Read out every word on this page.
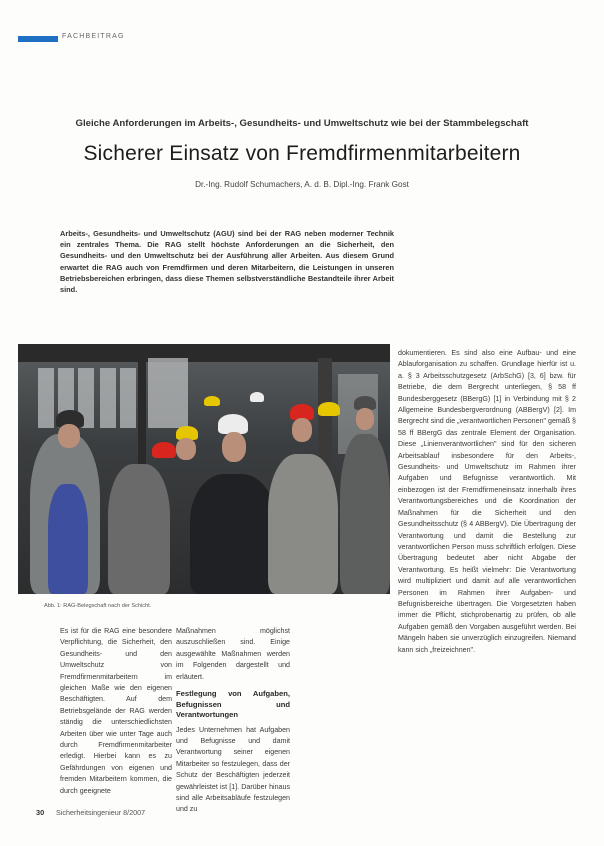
FACHBEITRAG
Gleiche Anforderungen im Arbeits-, Gesundheits- und Umweltschutz wie bei der Stammbelegschaft
Sicherer Einsatz von Fremdfirmenmitarbeitern
Dr.-Ing. Rudolf Schumachers, A. d. B. Dipl.-Ing. Frank Gost
Arbeits-, Gesundheits- und Umweltschutz (AGU) sind bei der RAG neben moderner Technik ein zentrales Thema. Die RAG stellt höchste Anforderungen an die Sicherheit, den Gesundheits- und den Umweltschutz bei der Ausführung aller Arbeiten. Aus diesem Grund erwartet die RAG auch von Fremdfirmen und deren Mitarbeitern, die Leistungen in unseren Betriebsbereichen erbringen, dass diese Themen selbstverständliche Bestandteile ihrer Arbeit sind.
Abb. 1: RAG-Belegschaft nach der Schicht.

Es ist für die RAG eine besondere Verpflichtung, die Sicherheit, den Gesundheits- und den Umweltschutz von Fremdfirmenmitarbeitern im gleichen Maße wie den eigenen Beschäftigten. Auf dem Betriebsgelände der RAG werden ständig die unterschiedlichsten Arbeiten über wie unter Tage auch durch Fremdfirmenmitarbeiter erledigt. Hierbei kann es zu Gefährdungen von eigenen und fremden Mitarbeitern kommen, die durch geeignete

Maßnahmen möglichst auszuschließen sind. Einige ausgewählte Maßnahmen werden im Folgenden dargestellt und erläutert.

Festlegung von Aufgaben, Befugnissen und Verantwortungen

Jedes Unternehmen hat Aufgaben und Befugnisse und damit Verantwortung seiner eigenen Mitarbeiter so festzulegen, dass der Schutz der Beschäftigten jederzeit gewährleistet ist [1]. Darüber hinaus sind alle Arbeitsabläufe festzulegen und zu

dokumentieren. Es sind also eine Aufbau- und eine Ablauforganisation zu schaffen. Grundlage hierfür ist u. a. § 3 Arbeitsschutzgesetz (ArbSchG) [3, 6] bzw. für Betriebe, die dem Bergrecht unterliegen, § 58 ff Bundesberggesetz (BBergG) [1] in Verbindung mit § 2 Allgemeine Bundesbergverordnung (ABBergV) [2]. Im Bergrecht sind die „verantwortlichen Personen" gemäß § 58 ff BBergG das zentrale Element der Organisation. Diese „Linienverantwortlichen" sind für den sicheren Arbeitsablauf insbesondere für den Arbeits-, Gesundheits- und Umweltschutz im Rahmen ihrer Aufgaben und Befugnisse verantwortlich. Mit einbezogen ist der Fremdfirmeneinsatz innerhalb ihres Verantwortungsbereiches und die Koordination der Maßnahmen für die Sicherheit und den Gesundheitsschutz (§ 4 ABBergV). Die Übertragung der Verantwortung und damit die Bestellung zur verantwortlichen Person muss schriftlich erfolgen. Diese Übertragung bedeutet aber nicht Abgabe der Verantwortung. Es heißt vielmehr: Die Verantwortung wird multipliziert und damit auf alle verantwortlichen Personen im Rahmen ihrer Aufgaben- und Befugnisbereiche übertragen. Die Vorgesetzten haben immer die Pflicht, stichprobenartig zu prüfen, ob alle Aufgaben gemäß den Vorgaben ausgeführt werden. Bei Mängeln haben sie unverzüglich einzugreifen. Niemand kann sich „freizeichnen".

30 Sicherheitsingenieur 8/2007
